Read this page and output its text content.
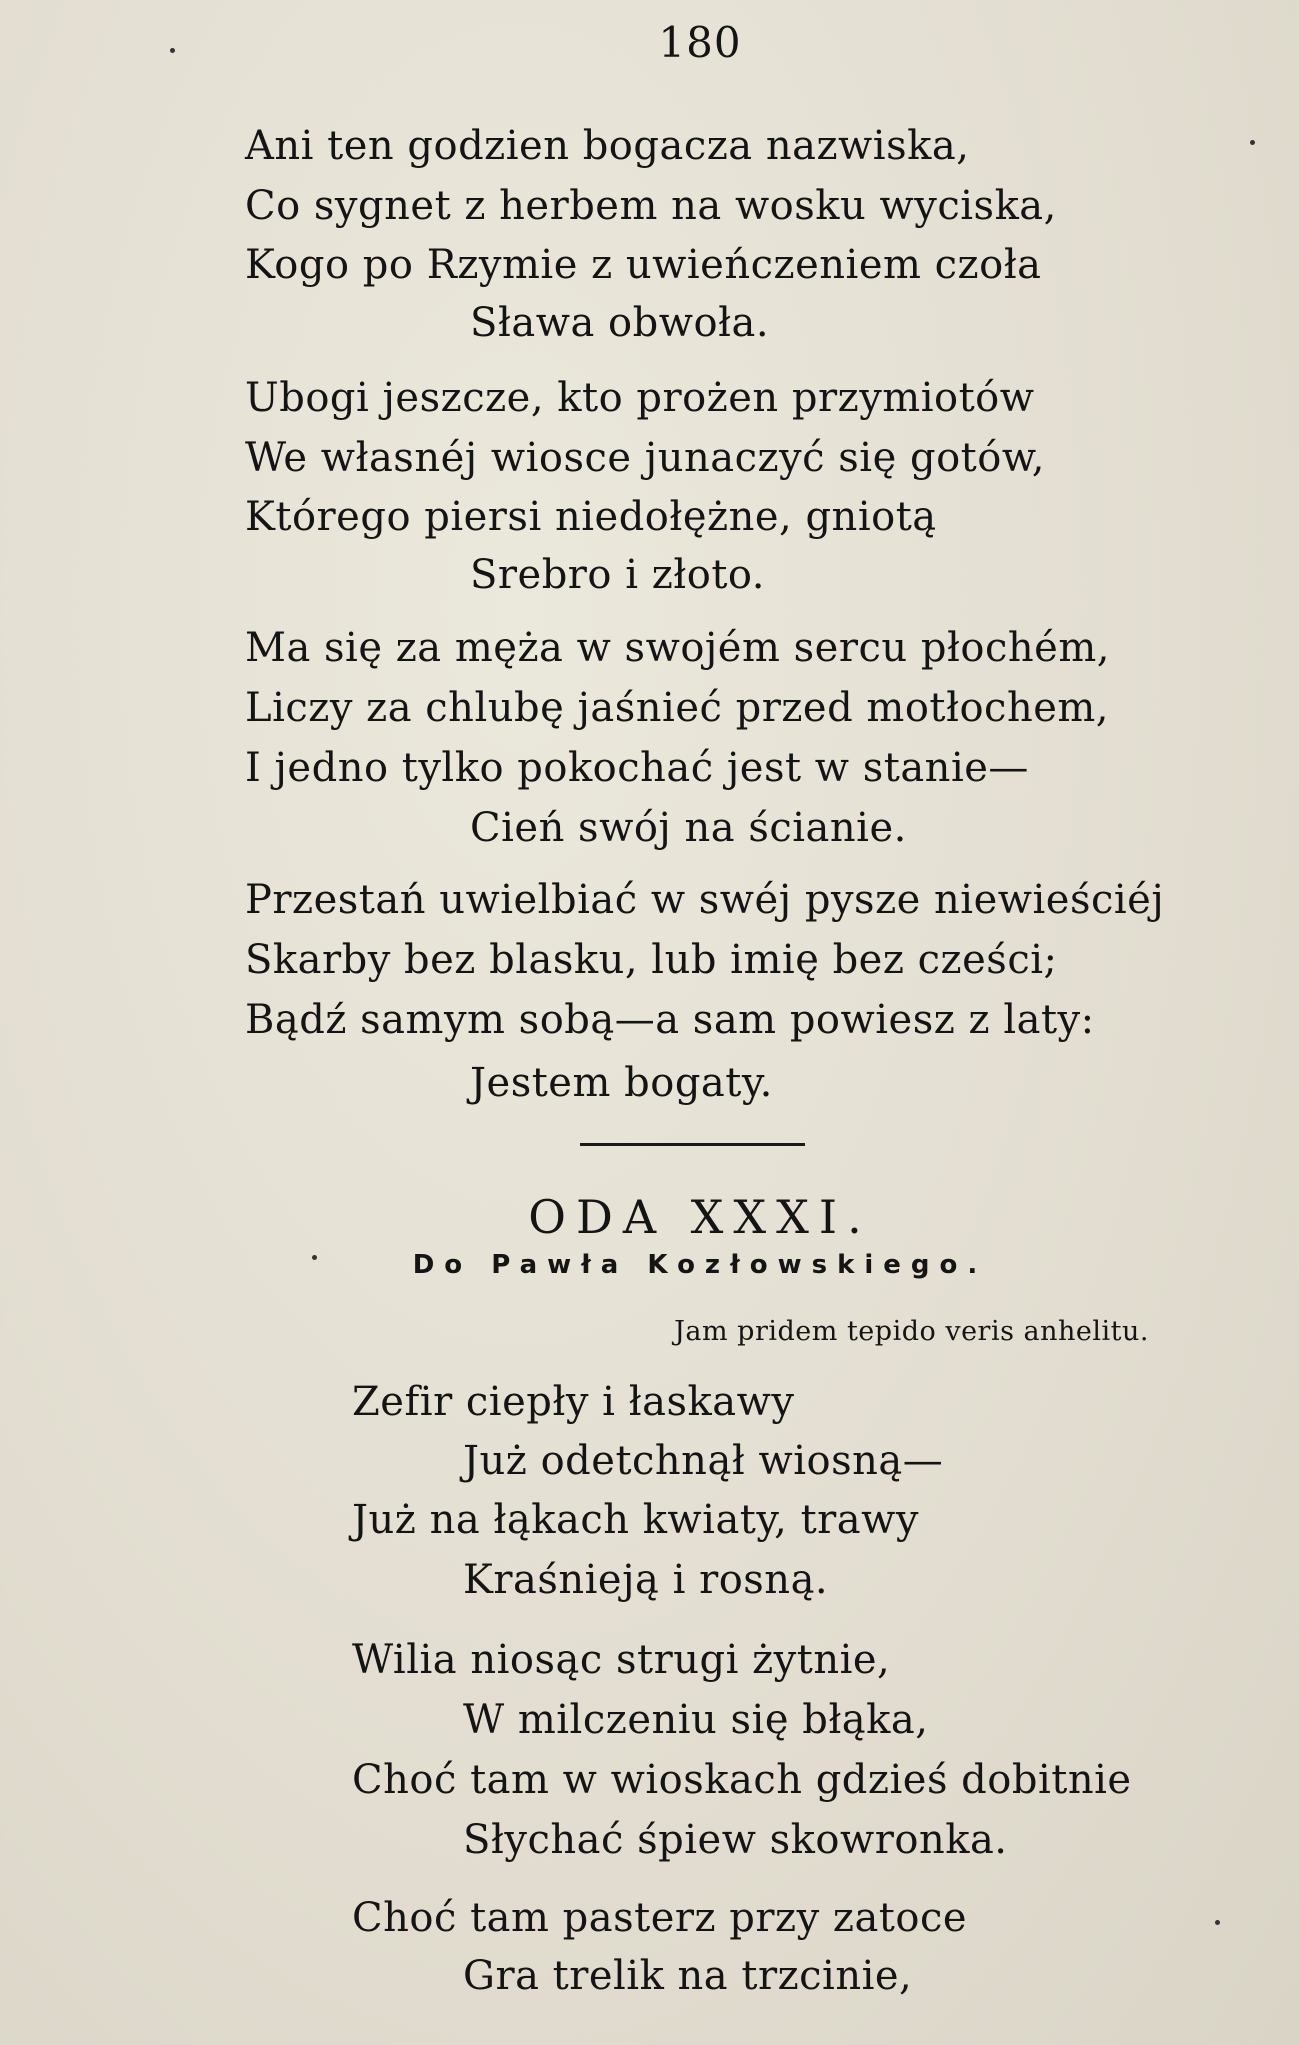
180
Ani ten godzien bogacza nazwiska,
Co sygnet z herbem na wosku wyciska,
Kogo po Rzymie z uwieńczeniem czoła
Sława obwoła.
Ubogi jeszcze, kto prożen przymiotów
We własnéj wiosce junaczyć się gotów,
Którego piersi niedołężne, gniotą
Srebro i złoto.
Ma się za męża w swojém sercu płochém,
Liczy za chlubę jaśnieć przed motłochem,
I jedno tylko pokochać jest w stanie—
Cień swój na ścianie.
Przestań uwielbiać w swéj pysze niewieściéj
Skarby bez blasku, lub imię bez cześci;
Bądź samym sobą—a sam powiesz z laty:
Jestem bogaty.
ODA XXXI.
Do Pawła Kozłowskiego.
Jam pridem tepido veris anhelitu.
Zefir ciepły i łaskawy
Już odetchnął wiosną—
Już na łąkach kwiaty, trawy
Kraśnieją i rosną.
Wilia niosąc strugi żytnie,
W milczeniu się błąka,
Choć tam w wioskach gdzieś dobitnie
Słychać śpiew skowronka.
Choć tam pasterz przy zatoce
Gra trelik na trzcinie,
